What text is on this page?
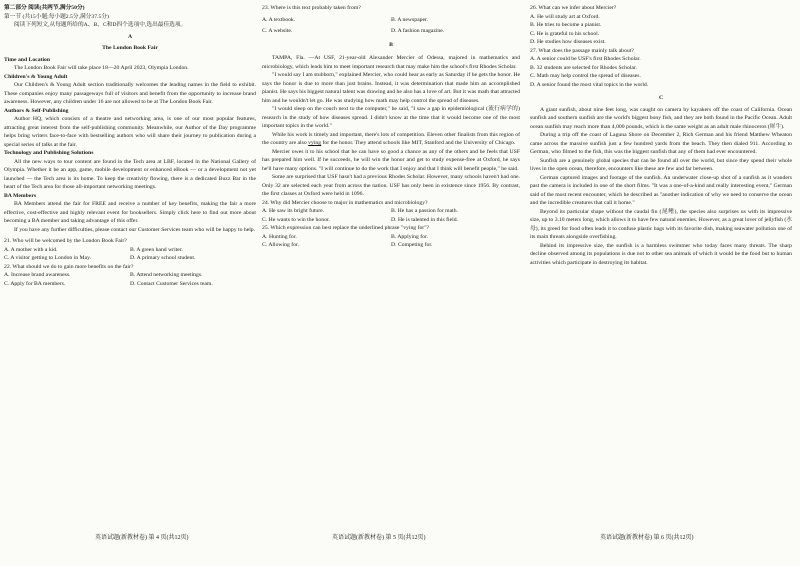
第二部分 阅读(共两节,满分50分)

第一节 (共15小题;每小题2.5分,满分37.5分)

阅读下列短文,从每题所给的A、B、C和D四个选项中,选出最佳选项。

A

The London Book Fair

Time and Location

The London Book Fair will take place 18—20 April 2023, Olympia London.

Children's & Young Adult

Our Children's & Young Adult section traditionally welcomes the leading names in the field to exhibit. These companies enjoy many passageways full of visitors and benefit from the opportunity to increase brand awareness. However, any children under 16 are not allowed to be at The London Book Fair.

Authors & Self-Publishing

Author HQ, which consists of a theatre and networking area, is one of our most popular features, attracting great interest from the self-publishing community. Meanwhile, our Author of the Day programme helps bring writers face-to-face with bestselling authors who will share their journey to publication during a special series of talks at the fair.

Technology and Publishing Solutions

All the new ways to tour content are found in the Tech area at LBF, located in the National Gallery of Olympia. Whether it be an app, game, mobile development or enhanced eBook — or a development not yet launched — the Tech area is its home. To keep the creativity flowing, there is a dedicated Buzz Bar in the heart of the Tech area for those all-important networking meetings.

BA Members

BA Members attend the fair for FREE and receive a number of key benefits, making the fair a more effective, cost-effective and highly relevant event for booksellers. Simply click here to find out more about becoming a BA member and taking advantage of this offer.

If you have any further difficulties, please contact our Customer Services team who will be happy to help.

21. Who will be welcomed by the London Book Fair?

A. A mother with a kid.	B. A green hand writer.
C. A visitor getting to London in May.	D. A primary school student.

22. What should we do to gain more benefits on the fair?

A. Increase brand awareness.	B. Attend networking meetings.
C. Apply for BA members.	D. Contact Customer Services team.

23. Where is this text probably taken from?

A. A textbook.	B. A newspaper.
C. A website.	D. A fashion magazine.

B

TAMPA, Fla. —At USF, 21-year-old Alexander Mercier of Odessa, majored in mathematics and microbiology, which leads him to meet important research that may make him the school's first Rhodes Scholar.

"I would say I am stubborn," explained Mercier, who could hear as early as Saturday if he gets the honor. He says the honor is due to more than just brains. Instead, it was determination that made him an accomplished pianist. He says his biggest natural talent was drawing and he also has a love of art. But it was math that attracted him and he wouldn't let go. He was studying how math may help control the spread of diseases.

"I would sleep on the couch next to the computer," he said, "I saw a gap in epidemiological (流行病学的) research in the study of how diseases spread. I didn't know at the time that it would become one of the most important topics in the world."

While his work is timely and important, there's lots of competition. Eleven other finalists from this region of the country are also vying for the honor. They attend schools like MIT, Stanford and the University of Chicago.

Mercier owes it to his school that he can have so good a chance as any of the others and he feels that USF has prepared him well. If he succeeds, he will win the honor and get to study expense-free at Oxford, he says he'll have many options. "I will continue to do the work that I enjoy and that I think will benefit people," he said.

Some are surprised that USF hasn't had a previous Rhodes Scholar. However, many schools haven't had one. Only 32 are selected each year from across the nation. USF has only been in existence since 1956. By contrast, the first classes at Oxford were held in 1096.

24. Why did Mercier choose to major in mathematics and microbiology?

A. He saw its bright future.	B. He has a passion for math.
C. He wants to win the honor.	D. He is talented in this field.

25. Which expression can best replace the underlined phrase "vying for"?

A. Hunting for.	B. Applying for.
C. Allowing for.	D. Competing for.

26. What can we infer about Mercier?

A. He will study art at Oxford.

B. He tries to become a pianist.

C. He is grateful to his school.

D. He studies how diseases exist.

27. What does the passage mainly talk about?

A. A senior could be USF's first Rhodes Scholar.

B. 32 students are selected for Rhodes Scholar.

C. Math may help control the spread of diseases.

D. A senior found the most vital topics in the world.

C

A giant sunfish, about nine feet long, was caught on camera by kayakers off the coast of California. Ocean sunfish and southern sunfish are the world's biggest bony fish, and they are both found in the Pacific Ocean. Adult ocean sunfish may reach more than 4,000 pounds, which is the same weight as an adult male rhinoceros (犀牛).

During a trip off the coast of Laguna Shore on December 2, Rich German and his friend Matthew Wheaton came across the massive sunfish just a few hundred yards from the beach. They then dialed 911. According to German, who filmed to the fish, this was the biggest sunfish that any of them had ever encountered.

Sunfish are a genuinely global species that can be found all over the world, but since they spend their whole lives in the open ocean, therefore, encounters like these are few and far between.

German captured images and footage of the sunfish. An underwater close-up shot of a sunfish as it wanders past the camera is included in one of the short films. "It was a one-of-a-kind and really interesting event," German said of the most recent encounter, which he described as "another indication of why we need to conserve the ocean and the incredible creatures that call it home."

Beyond its particular shape without the caudal fin (尾鳍), the species also surprises us with its impressive size, up to 3.10 meters long, which allows it to have few natural enemies. However, as a great lover of jellyfish (水母), its greed for food often leads it to confuse plastic bags with its favorite dish, making seawater pollution one of its main threats alongside overfishing.

Behind its impressive size, the sunfish is a harmless swimmer who today faces many threats. The sharp decline observed among its populations is due not to other sea animals of which it would be the food but to human activities which participate in destroying its habitat.

英语试题(新教材卷) 第 4 页(共12页)	英语试题(新教材卷) 第 5 页(共12页)	英语试题(新教材卷) 第 6 页(共12页)
